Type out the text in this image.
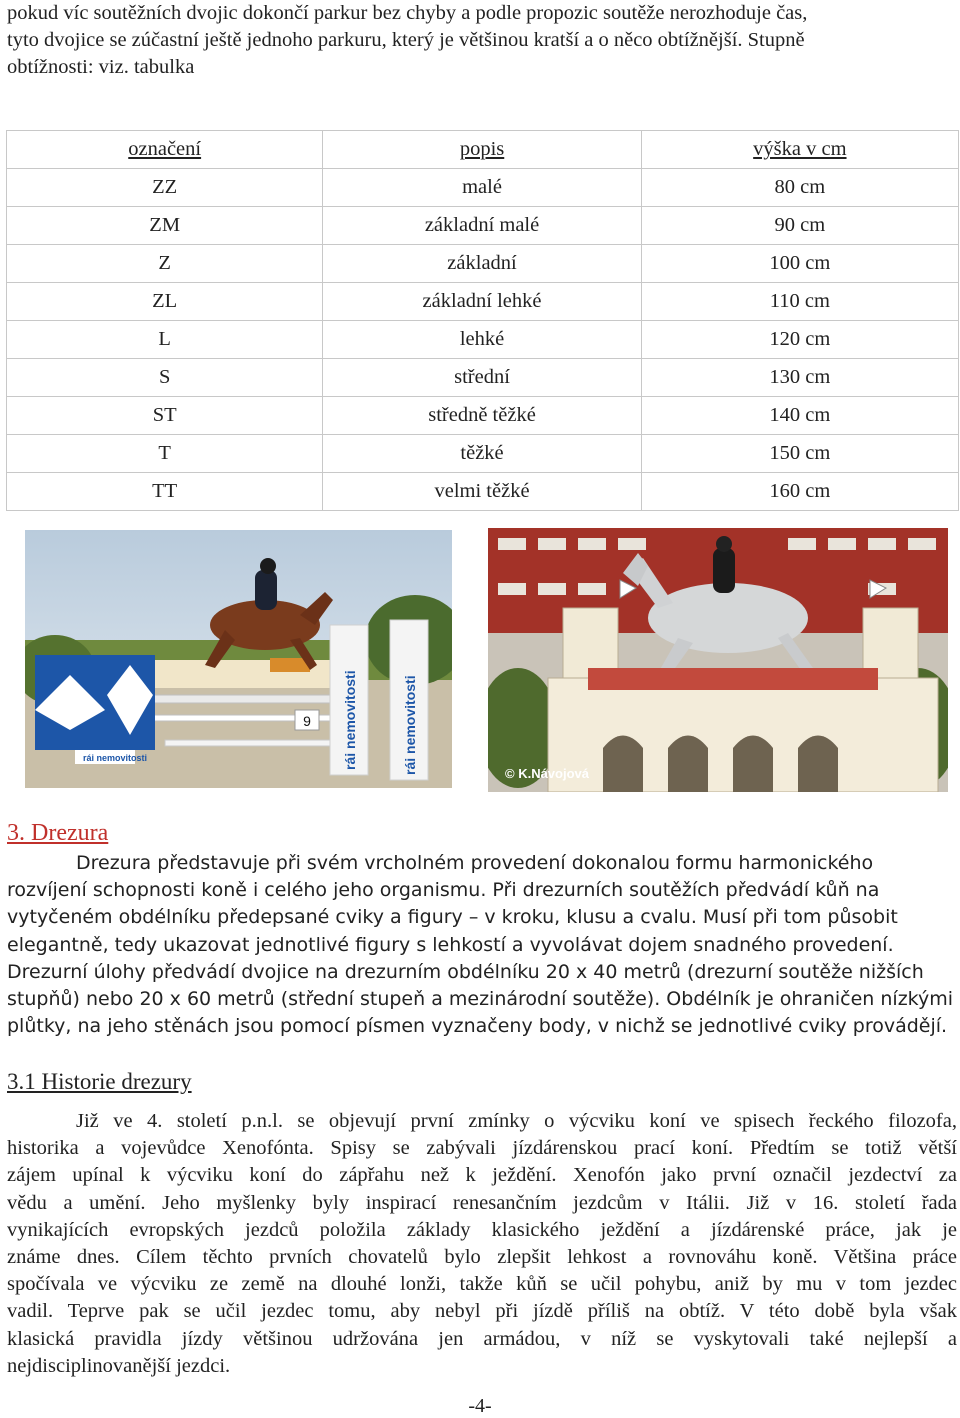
pokud víc soutěžních dvojic dokončí parkur bez chyby a podle propozic soutěže nerozhoduje čas,
tyto dvojice se zúčastní ještě jednoho parkuru, který je většinou kratší a o něco obtížnější. Stupně
obtížnosti: viz. tabulka
označení	popis	výška v cm
ZZ	malé	80 cm
ZM	základní malé	90 cm
Z	základní	100 cm
ZL	základní lehké	110 cm
L	lehké	120 cm
S	střední	130 cm
ST	středně těžké	140 cm
T	těžké	150 cm
TT	velmi těžké	160 cm
rái nemovitosti	rái nemovitosti
9
rái nemovitosti
© K.Návojová
3. Drezura
Drezura představuje při svém vrcholném provedení dokonalou formu harmonického
rozvíjení schopnosti koně i celého jeho organismu. Při drezurních soutěžích předvádí kůň na
vytyčeném obdélníku předepsané cviky a figury – v kroku, klusu a cvalu. Musí při tom působit
elegantně, tedy ukazovat jednotlivé figury s lehkostí a vyvolávat dojem snadného provedení.
Drezurní úlohy předvádí dvojice na drezurním obdélníku 20 x 40 metrů (drezurní soutěže nižších
stupňů) nebo 20 x 60 metrů (střední stupeň a mezinárodní soutěže). Obdélník je ohraničen nízkými
plůtky, na jeho stěnách jsou pomocí písmen vyznačeny body, v nichž se jednotlivé cviky provádějí.
3.1 Historie drezury
Již ve 4. století p.n.l. se objevují první zmínky o výcviku koní ve spisech řeckého filozofa,
historika a vojevůdce Xenofónta. Spisy se zabývali jízdárenskou prací koní. Předtím se totiž větší
zájem upínal k výcviku koní do zápřahu než k ježdění. Xenofón jako první označil jezdectví za
vědu a umění. Jeho myšlenky byly inspirací renesančním jezdcům v Itálii. Již v 16. století řada
vynikajících evropských jezdců položila základy klasického ježdění a jízdárenské práce, jak je
známe dnes. Cílem těchto prvních chovatelů bylo zlepšit lehkost a rovnováhu koně. Většina práce
spočívala ve výcviku ze země na dlouhé lonži, takže kůň se učil pohybu, aniž by mu v tom jezdec
vadil. Teprve pak se učil jezdec tomu, aby nebyl při jízdě příliš na obtíž. V této době byla však
klasická pravidla jízdy většinou udržována jen armádou, v níž se vyskytovali také nejlepší a
nejdisciplinovanější jezdci.
-4-
